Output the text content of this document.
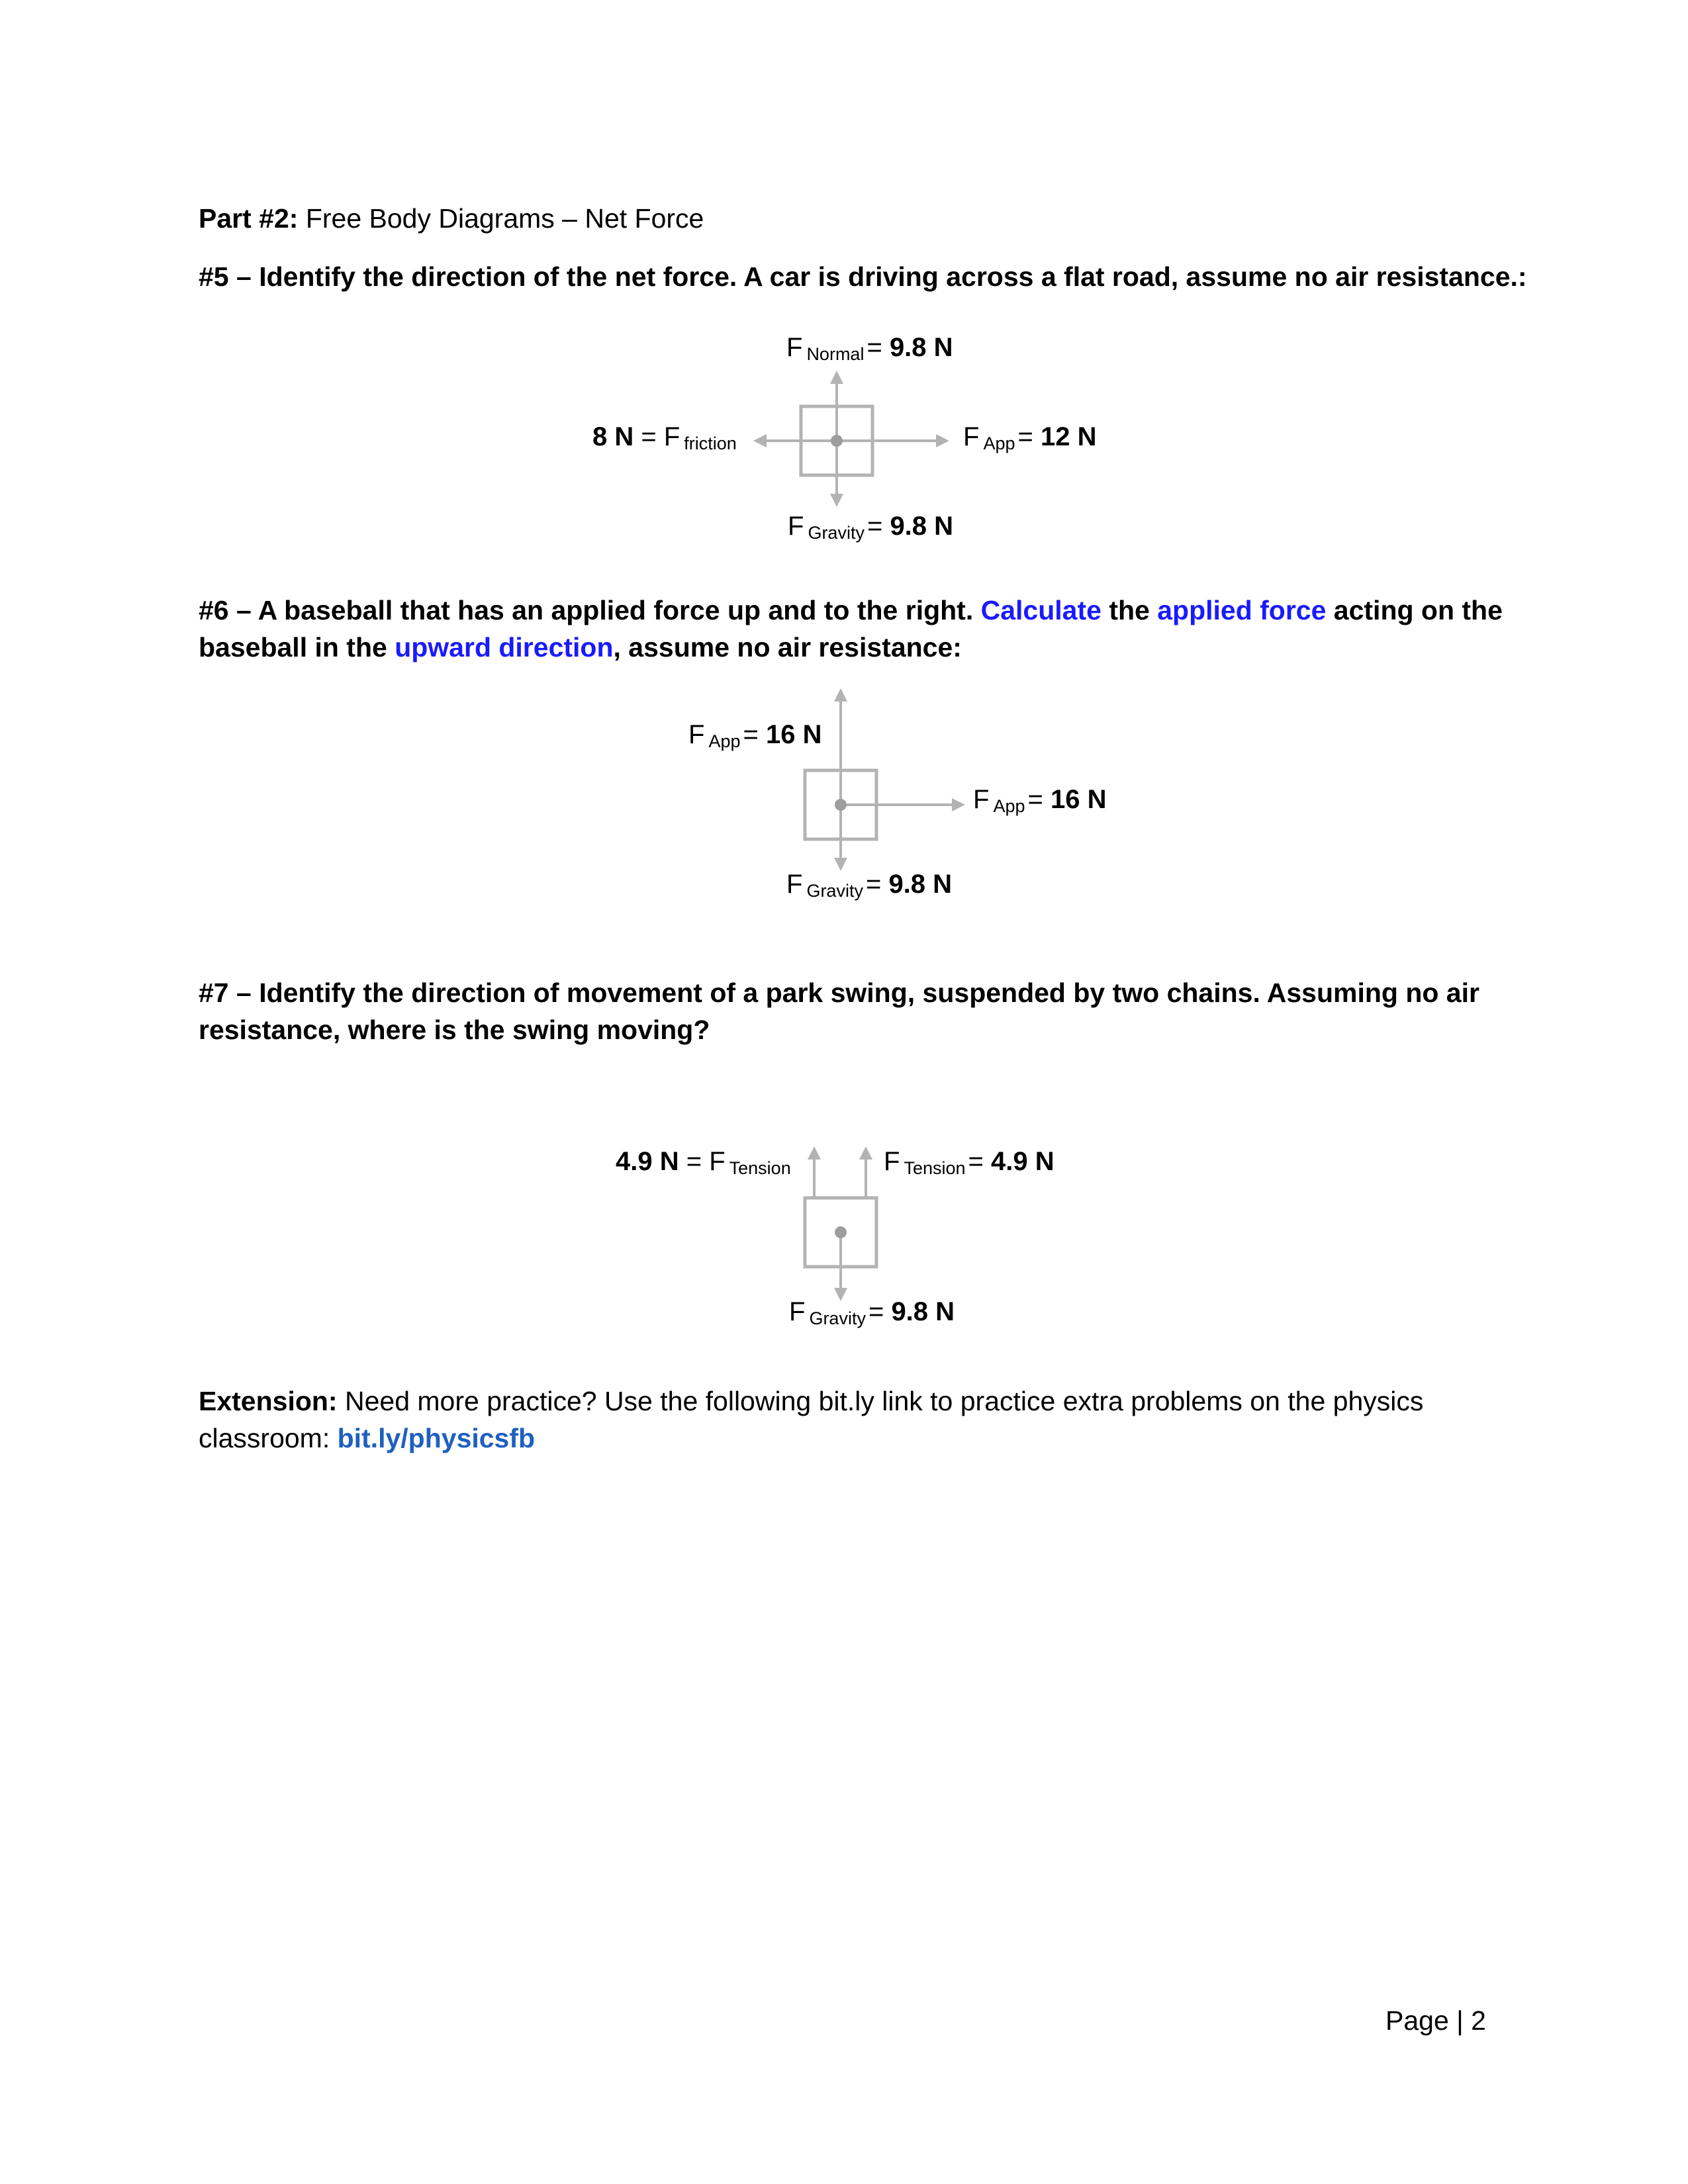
Part #2: Free Body Diagrams – Net Force
#5 – Identify the direction of the net force. A car is driving across a flat road, assume no air resistance.:
F $_{Normal}$ = 9.8 N
8 N = F $_{friction}$	F $_{App}$ = 12 N
F $_{Gravity}$ = 9.8 N
#6 – A baseball that has an applied force up and to the right. Calculate the applied force acting on the
baseball in the upward direction, assume no air resistance:
F $_{App}$ = 16 N
F $_{App}$ = 16 N
F $_{Gravity}$ = 9.8 N
#7 – Identify the direction of movement of a park swing, suspended by two chains. Assuming no air
resistance, where is the swing moving?
4.9 N = F $_{Tension}$	F $_{Tension}$ = 4.9 N
F $_{Gravity}$ = 9.8 N
Extension: Need more practice? Use the following bit.ly link to practice extra problems on the physics
classroom: bit.ly/physicsfb
Page | 2
